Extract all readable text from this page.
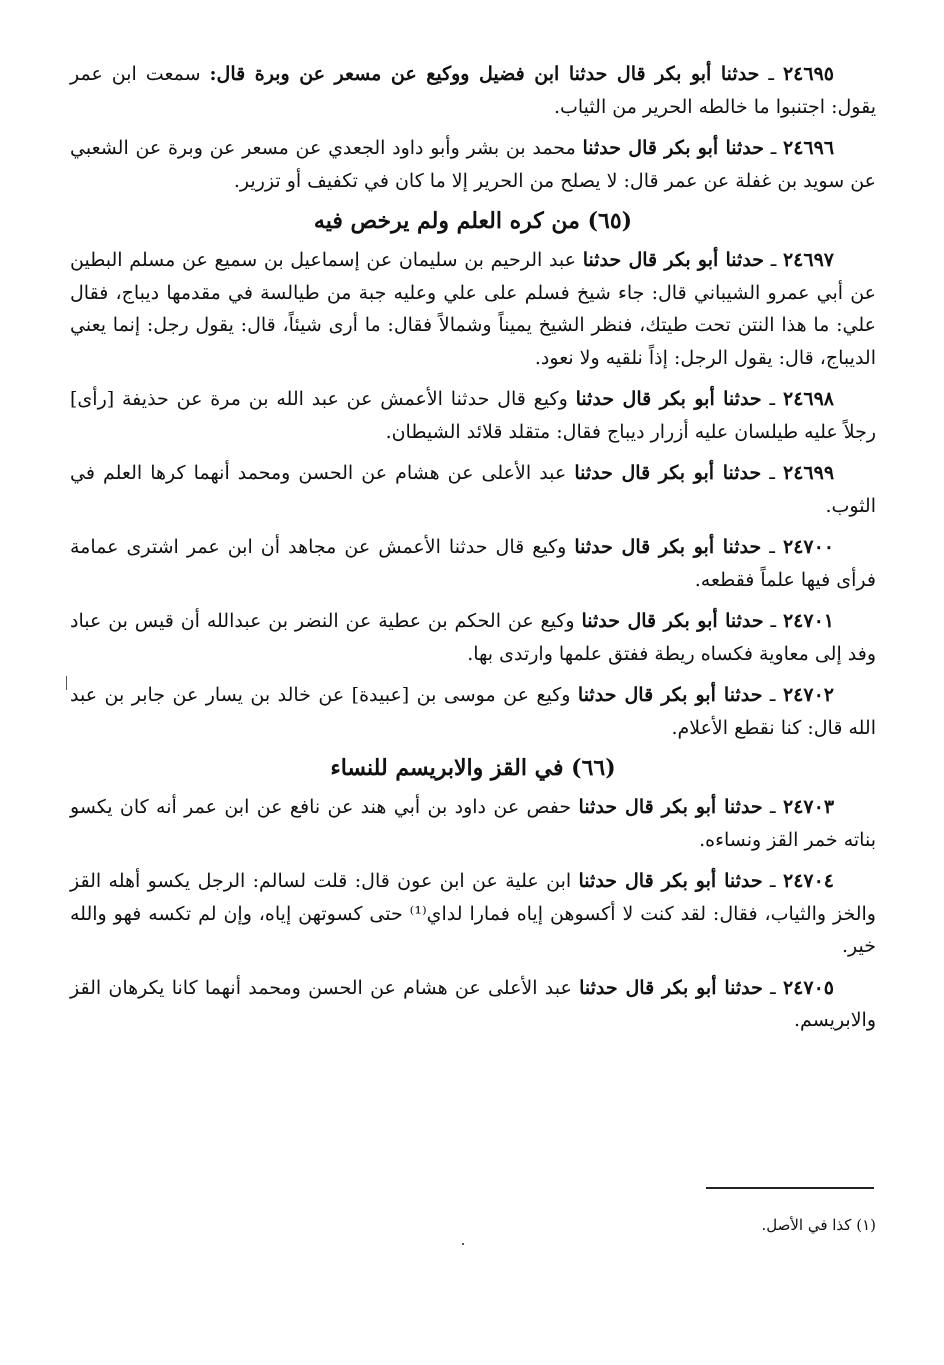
٢٤٦٩٥ ـ حدثنا أبو بكر قال حدثنا ابن فضيل ووكيع عن مسعر عن وبرة قال: سمعت ابن عمر يقول: اجتنبوا ما خالطه الحرير من الثياب.

٢٤٦٩٦ ـ حدثنا أبو بكر قال حدثنا محمد بن بشر وأبو داود الجعدي عن مسعر عن وبرة عن الشعبي عن سويد بن غفلة عن عمر قال: لا يصلح من الحرير إلا ما كان في تكفيف أو تزرير.

(٦٥) من كره العلم ولم يرخص فيه

٢٤٦٩٧ ـ حدثنا أبو بكر قال حدثنا عبد الرحيم بن سليمان عن إسماعيل بن سميع عن مسلم البطين عن أبي عمرو الشيباني قال: جاء شيخ فسلم على علي وعليه جبة من طيالسة في مقدمها ديباج، فقال علي: ما هذا النتن تحت طيتك، فنظر الشيخ يميناً وشمالاً فقال: ما أرى شيئاً، قال: يقول رجل: إنما يعني الديباج، قال: يقول الرجل: إذاً نلقيه ولا نعود.

٢٤٦٩٨ ـ حدثنا أبو بكر قال حدثنا وكيع قال حدثنا الأعمش عن عبد الله بن مرة عن حذيفة [رأى] رجلاً عليه طيلسان عليه أزرار ديباج فقال: متقلد قلائد الشيطان.

٢٤٦٩٩ ـ حدثنا أبو بكر قال حدثنا عبد الأعلى عن هشام عن الحسن ومحمد أنهما كرها العلم في الثوب.

٢٤٧٠٠ ـ حدثنا أبو بكر قال حدثنا وكيع قال حدثنا الأعمش عن مجاهد أن ابن عمر اشترى عمامة فرأى فيها علماً فقطعه.

٢٤٧٠١ ـ حدثنا أبو بكر قال حدثنا وكيع عن الحكم بن عطية عن النضر بن عبدالله أن قيس بن عباد وفد إلى معاوية فكساه ريطة ففتق علمها وارتدى بها.

٢٤٧٠٢ ـ حدثنا أبو بكر قال حدثنا وكيع عن موسى بن [عبيدة] عن خالد بن يسار عن جابر بن عبد الله قال: كنا نقطع الأعلام.

(٦٦) في القز والابريسم للنساء

٢٤٧٠٣ ـ حدثنا أبو بكر قال حدثنا حفص عن داود بن أبي هند عن نافع عن ابن عمر أنه كان يكسو بناته خمر القز ونساءه.

٢٤٧٠٤ ـ حدثنا أبو بكر قال حدثنا ابن علية عن ابن عون قال: قلت لسالم: الرجل يكسو أهله القز والخز والثياب، فقال: لقد كنت لا أكسوهن إياه فمارا لداي⁽¹⁾ حتى كسوتهن إياه، وإن لم تكسه فهو والله خير.

٢٤٧٠٥ ـ حدثنا أبو بكر قال حدثنا عبد الأعلى عن هشام عن الحسن ومحمد أنهما كانا يكرهان القز والابريسم.

(١) كذا في الأصل.
